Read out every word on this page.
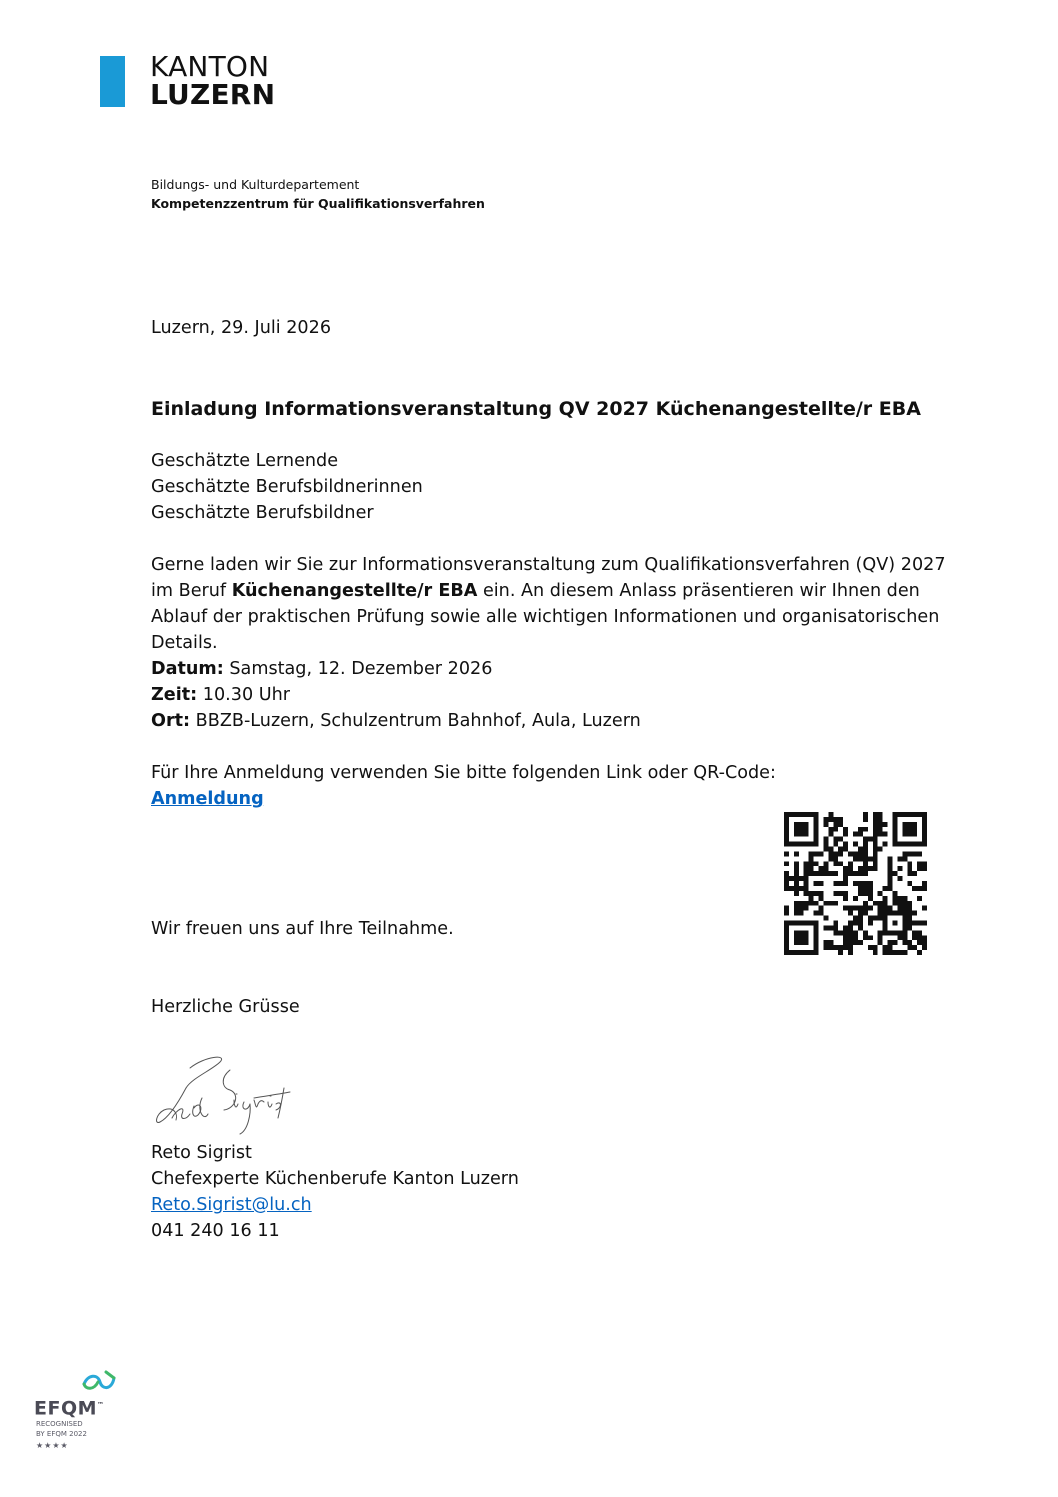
KANTON
LUZERN
Bildungs- und Kulturdepartement
Kompetenzzentrum für Qualifikationsverfahren
Luzern, 29. Juli 2026
Einladung Informationsveranstaltung QV 2027 Küchenangestellte/r EBA
Geschätzte Lernende
Geschätzte Berufsbildnerinnen
Geschätzte Berufsbildner
Gerne laden wir Sie zur Informationsveranstaltung zum Qualifikationsverfahren (QV) 2027 im Beruf Küchenangestellte/r EBA ein. An diesem Anlass präsentieren wir Ihnen den Ablauf der praktischen Prüfung sowie alle wichtigen Informationen und organisatorischen Details.
Datum: Samstag, 12. Dezember 2026
Zeit: 10.30 Uhr
Ort: BBZB-Luzern, Schulzentrum Bahnhof, Aula, Luzern
Für Ihre Anmeldung verwenden Sie bitte folgenden Link oder QR-Code:
Anmeldung
Wir freuen uns auf Ihre Teilnahme.
Herzliche Grüsse
Reto Sigrist
Chefexperte Küchenberufe Kanton Luzern
Reto.Sigrist@lu.ch
041 240 16 11
EFQM™
RECOGNISED
BY EFQM 2022
★★★★
